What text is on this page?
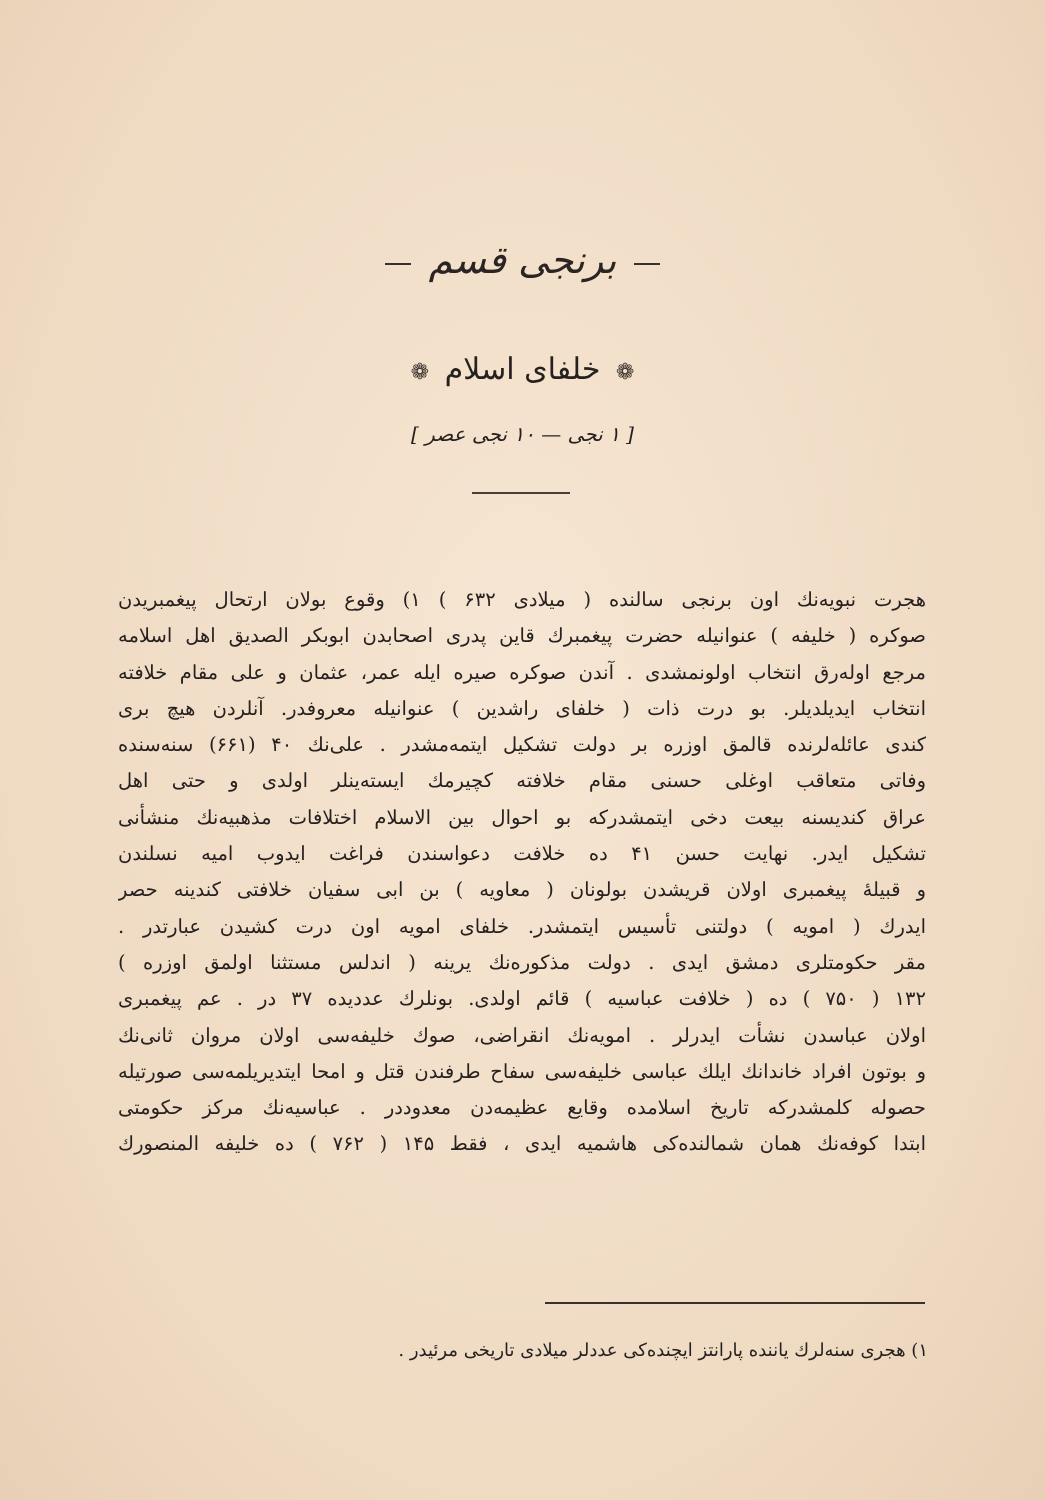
برنجی قسم
❁ خلفای اسلام ❁
[ ۱ نجی — ۱۰ نجی عصر ]
هجرت نبویه‌نك اون برنجی سالنده ( میلادی ۶۳۲ ) ۱) وقوع بولان ارتحال پیغمبریدن
صوکره ( خلیفه ) عنوانیله حضرت پیغمبرك قاین پدری اصحابدن ابوبکر الصدیق اهل اسلامه
مرجع اوله‌رق انتخاب اولونمشدی . آندن صوکره صیره ایله عمر، عثمان و علی مقام خلافته
انتخاب ایدیلدیلر. بو درت ذات ( خلفای راشدین ) عنوانیله معروفدر. آنلردن هیچ بری
کندی عائله‌لرنده قالمق اوزره بر دولت تشکیل ایتمه‌مشدر . علی‌نك ۴۰ (۶۶۱) سنه‌سنده
وفاتی متعاقب اوغلی حسنی مقام خلافته کچیرمك ایسته‌ینلر اولدی و حتی اهل
عراق کندیسنه بیعت دخی ایتمشدرکه بو احوال بین الاسلام اختلافات مذهبیه‌نك منشأنی
تشکیل ایدر. نهایت حسن ۴۱ ده خلافت دعواسندن فراغت ایدوب امیه نسلندن
و قبیلهٔ پیغمبری اولان قریشدن بولونان ( معاویه ) بن ابی سفیان خلافتی کندینه حصر
ایدرك ( امویه ) دولتنی تأسیس ایتمشدر. خلفای امویه اون درت کشیدن عبارتدر .
مقر حکومتلری دمشق ایدی . دولت مذکوره‌نك یرینه ( اندلس مستثنا اولمق اوزره )
۱۳۲ ( ۷۵۰ ) ده ( خلافت عباسیه ) قائم اولدی. بونلرك عددیده ۳۷ در . عم پیغمبری
اولان عباسدن نشأت ایدرلر . امویه‌نك انقراضی، صوك خلیفه‌سی اولان مروان ثانی‌نك
و بوتون افراد خاندانك ایلك عباسی خلیفه‌سی سفاح طرفندن قتل و امحا ایتدیریلمه‌سی صورتیله
حصوله کلمشدرکه تاریخ اسلامده وقایع عظیمه‌دن معدوددر . عباسیه‌نك مرکز حکومتی
ابتدا کوفه‌نك همان شمالنده‌کی هاشمیه ایدی ، فقط ۱۴۵ ( ۷۶۲ ) ده خلیفه المنصورك
۱) هجری سنه‌لرك یاننده پارانتز ایچنده‌کی عددلر میلادی تاریخی مرئیدر .
